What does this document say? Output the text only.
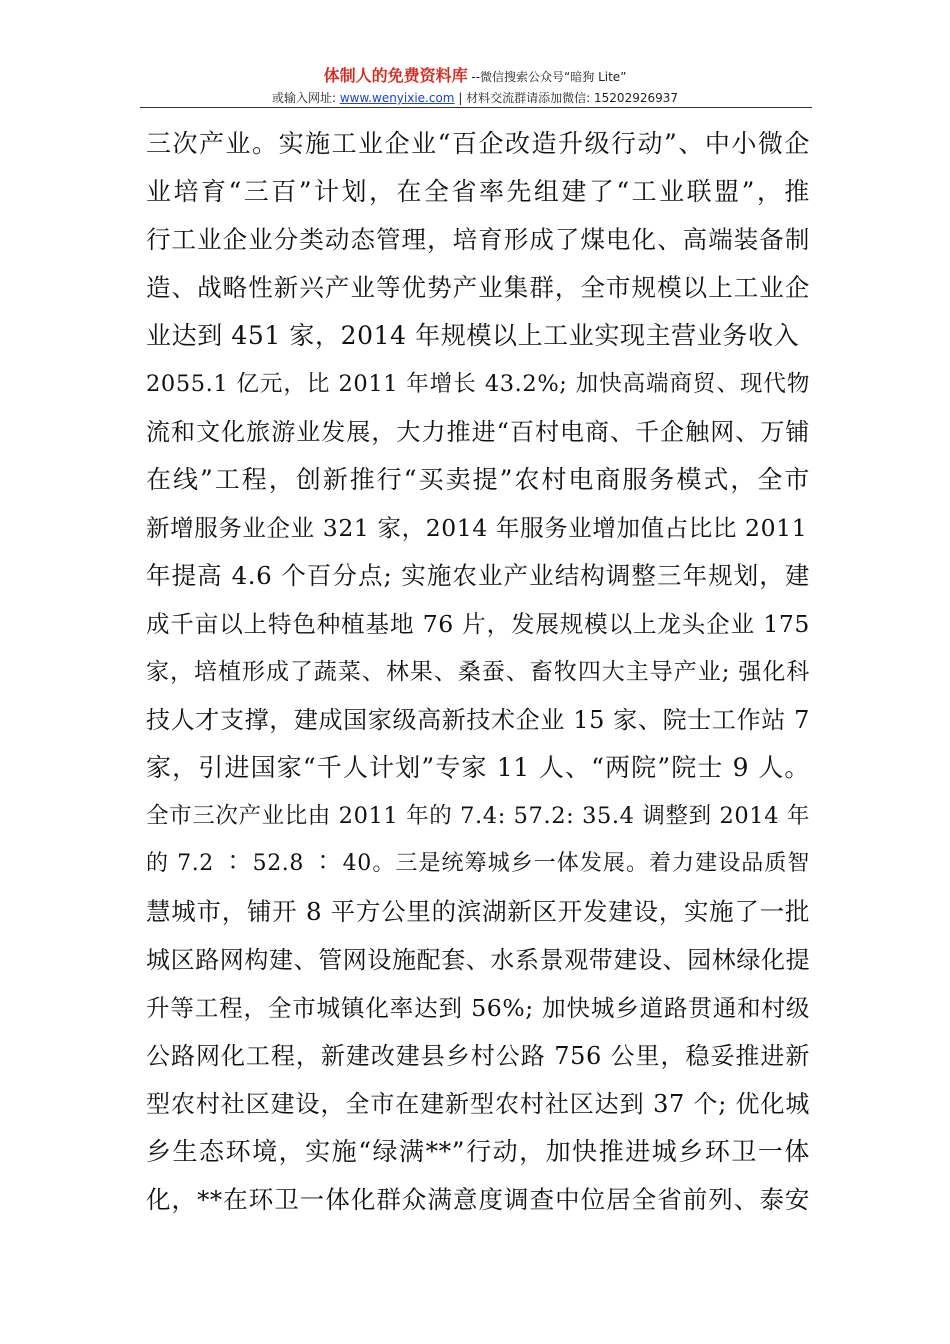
体制人的免费资料库 --微信搜索公众号“暗狗 Lite”
或输入网址: www.wenyixie.com | 材料交流群请添加微信: 15202926937
三次产业。实施工业企业“百企改造升级行动”、中小微企
业培育“三百”计划，在全省率先组建了“工业联盟”，推
行工业企业分类动态管理，培育形成了煤电化、高端装备制
造、战略性新兴产业等优势产业集群，全市规模以上工业企
业达到 451 家，2014 年规模以上工业实现主营业务收入
2055.1 亿元，比 2011 年增长 43.2%; 加快高端商贸、现代物
流和文化旅游业发展，大力推进“百村电商、千企触网、万铺
在线”工程，创新推行“买卖提”农村电商服务模式，全市
新增服务业企业 321 家，2014 年服务业增加值占比比 2011
年提高 4.6 个百分点; 实施农业产业结构调整三年规划，建
成千亩以上特色种植基地 76 片，发展规模以上龙头企业 175
家，培植形成了蔬菜、林果、桑蚕、畜牧四大主导产业; 强化科
技人才支撑，建成国家级高新技术企业 15 家、院士工作站 7
家，引进国家“千人计划”专家 11 人、“两院”院士 9 人。
全市三次产业比由 2011 年的 7.4: 57.2: 35.4 调整到 2014 年
的 7.2 ∶ 52.8 ∶ 40。三是统筹城乡一体发展。着力建设品质智
慧城市，铺开 8 平方公里的滨湖新区开发建设，实施了一批
城区路网构建、管网设施配套、水系景观带建设、园林绿化提
升等工程，全市城镇化率达到 56%; 加快城乡道路贯通和村级
公路网化工程，新建改建县乡村公路 756 公里，稳妥推进新
型农村社区建设，全市在建新型农村社区达到 37 个; 优化城
乡生态环境，实施“绿满**”行动，加快推进城乡环卫一体
化，**在环卫一体化群众满意度调查中位居全省前列、泰安
